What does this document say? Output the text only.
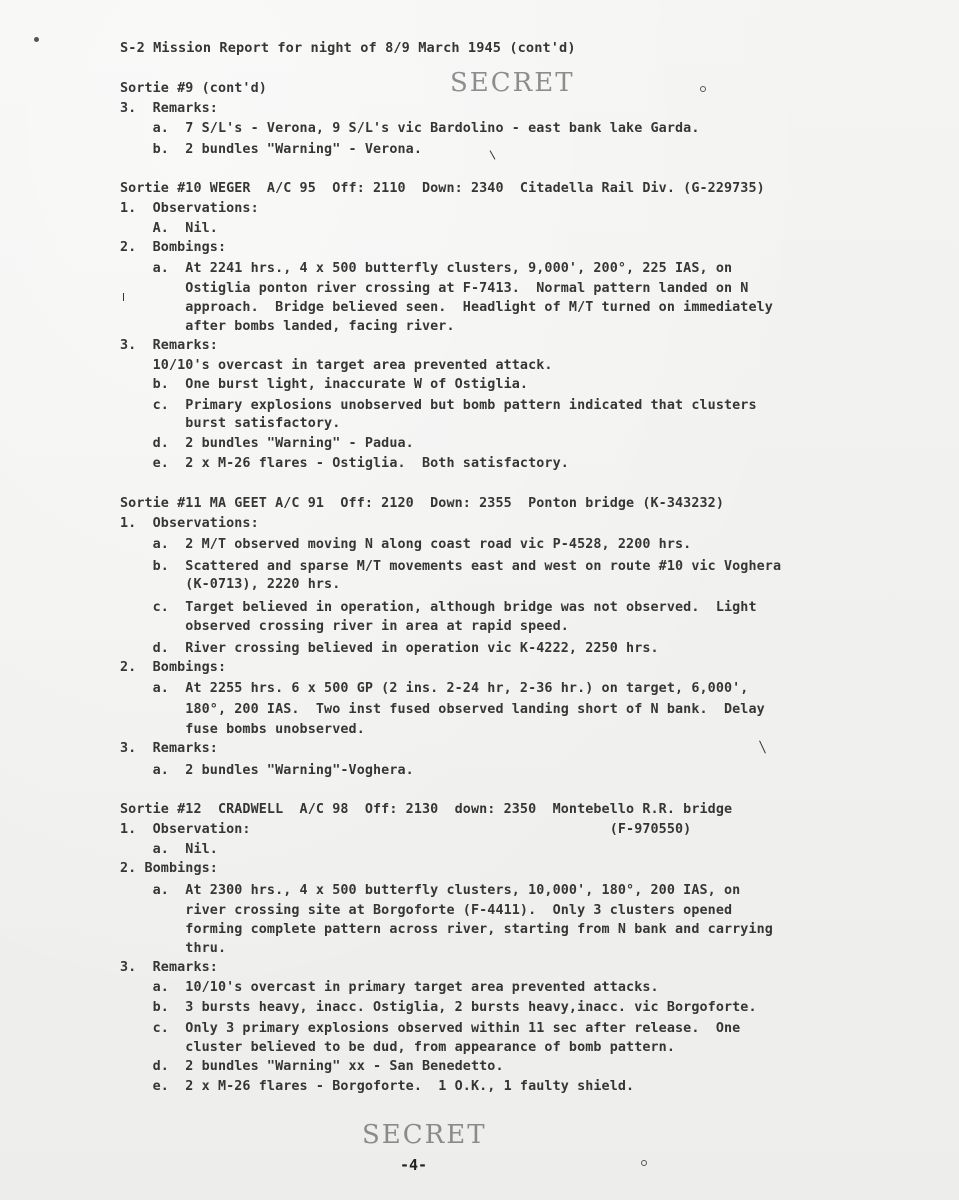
S-2 Mission Report for night of 8/9 March 1945 (cont'd)
SECRET
Sortie #9 (cont'd)
3.  Remarks:
a.  7 S/L's - Verona, 9 S/L's vic Bardolino - east bank lake Garda.
b.  2 bundles "Warning" - Verona.
Sortie #10 WEGER  A/C 95  Off: 2110  Down: 2340  Citadella Rail Div. (G-229735)
1.  Observations:
A.  Nil.
2.  Bombings:
a.  At 2241 hrs., 4 x 500 butterfly clusters, 9,000', 200°, 225 IAS, on
Ostiglia ponton river crossing at F-7413.  Normal pattern landed on N
approach.  Bridge believed seen.  Headlight of M/T turned on immediately
after bombs landed, facing river.
3.  Remarks:
10/10's overcast in target area prevented attack.
b.  One burst light, inaccurate W of Ostiglia.
c.  Primary explosions unobserved but bomb pattern indicated that clusters
burst satisfactory.
d.  2 bundles "Warning" - Padua.
e.  2 x M-26 flares - Ostiglia.  Both satisfactory.
Sortie #11 MA GEET A/C 91  Off: 2120  Down: 2355  Ponton bridge (K-343232)
1.  Observations:
a.  2 M/T observed moving N along coast road vic P-4528, 2200 hrs.
b.  Scattered and sparse M/T movements east and west on route #10 vic Voghera
(K-0713), 2220 hrs.
c.  Target believed in operation, although bridge was not observed.  Light
observed crossing river in area at rapid speed.
d.  River crossing believed in operation vic K-4222, 2250 hrs.
2.  Bombings:
a.  At 2255 hrs. 6 x 500 GP (2 ins. 2-24 hr, 2-36 hr.) on target, 6,000',
180°, 200 IAS.  Two inst fused observed landing short of N bank.  Delay
fuse bombs unobserved.
3.  Remarks:
a.  2 bundles "Warning"-Voghera.
Sortie #12  CRADWELL  A/C 98  Off: 2130  down: 2350  Montebello R.R. bridge
1.  Observation:                                            (F-970550)
a.  Nil.
2. Bombings:
a.  At 2300 hrs., 4 x 500 butterfly clusters, 10,000', 180°, 200 IAS, on
river crossing site at Borgoforte (F-4411).  Only 3 clusters opened
forming complete pattern across river, starting from N bank and carrying
thru.
3.  Remarks:
a.  10/10's overcast in primary target area prevented attacks.
b.  3 bursts heavy, inacc. Ostiglia, 2 bursts heavy,inacc. vic Borgoforte.
c.  Only 3 primary explosions observed within 11 sec after release.  One
cluster believed to be dud, from appearance of bomb pattern.
d.  2 bundles "Warning" xx - San Benedetto.
e.  2 x M-26 flares - Borgoforte.  1 O.K., 1 faulty shield.
SECRET
-4-
